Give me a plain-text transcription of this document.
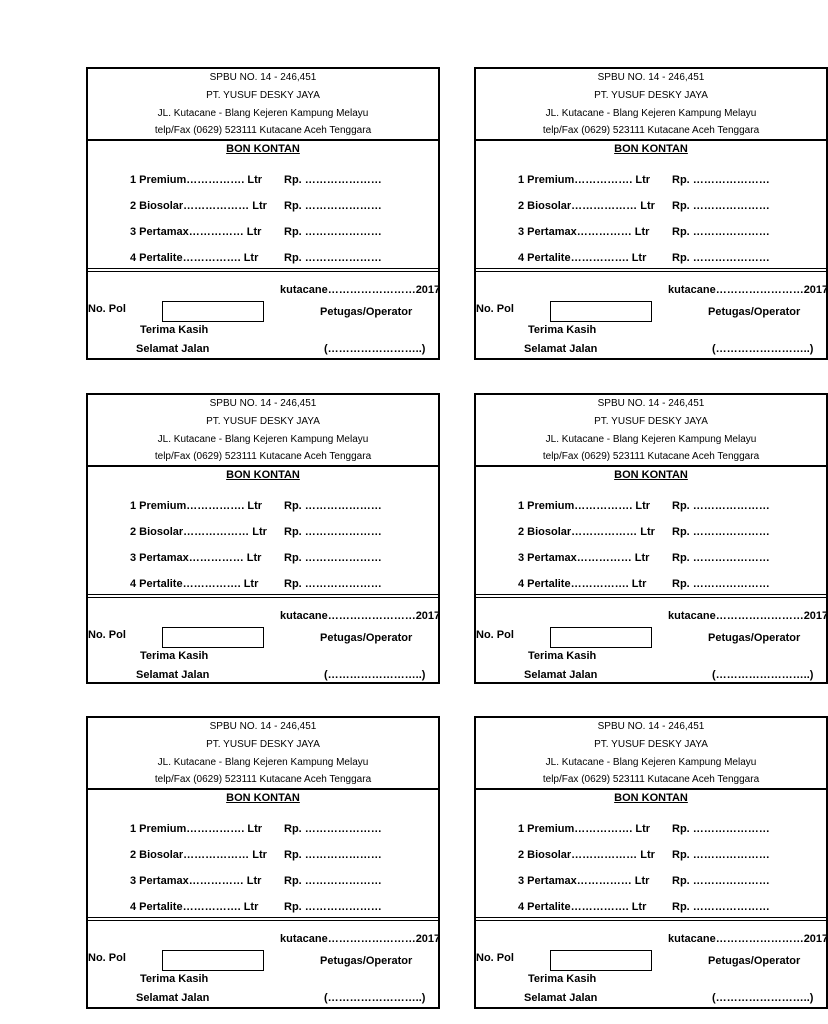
SPBU NO. 14 - 246,451
PT. YUSUF DESKY JAYA
JL. Kutacane - Blang Kejeren Kampung Melayu
telp/Fax (0629) 523111 Kutacane Aceh Tenggara
BON KONTAN
1 Premium……………. Ltr Rp. …………………
2 Biosolar……………… Ltr Rp. …………………
3 Pertamax…………… Ltr Rp. …………………
4 Pertalite……………. Ltr Rp. …………………
kutacane……………………2017
No. Pol	Petugas/Operator
Terima Kasih
Selamat Jalan	(……………………..)
SPBU NO. 14 - 246,451
PT. YUSUF DESKY JAYA
JL. Kutacane - Blang Kejeren Kampung Melayu
telp/Fax (0629) 523111 Kutacane Aceh Tenggara
BON KONTAN
1 Premium……………. Ltr Rp. …………………
2 Biosolar……………… Ltr Rp. …………………
3 Pertamax…………… Ltr Rp. …………………
4 Pertalite……………. Ltr Rp. …………………
kutacane……………………2017
No. Pol	Petugas/Operator
Terima Kasih
Selamat Jalan	(……………………..)
SPBU NO. 14 - 246,451
PT. YUSUF DESKY JAYA
JL. Kutacane - Blang Kejeren Kampung Melayu
telp/Fax (0629) 523111 Kutacane Aceh Tenggara
BON KONTAN
1 Premium……………. Ltr Rp. …………………
2 Biosolar……………… Ltr Rp. …………………
3 Pertamax…………… Ltr Rp. …………………
4 Pertalite……………. Ltr Rp. …………………
kutacane……………………2017
No. Pol	Petugas/Operator
Terima Kasih
Selamat Jalan	(……………………..)
SPBU NO. 14 - 246,451
PT. YUSUF DESKY JAYA
JL. Kutacane - Blang Kejeren Kampung Melayu
telp/Fax (0629) 523111 Kutacane Aceh Tenggara
BON KONTAN
1 Premium……………. Ltr Rp. …………………
2 Biosolar……………… Ltr Rp. …………………
3 Pertamax…………… Ltr Rp. …………………
4 Pertalite……………. Ltr Rp. …………………
kutacane……………………2017
No. Pol	Petugas/Operator
Terima Kasih
Selamat Jalan	(……………………..)
SPBU NO. 14 - 246,451
PT. YUSUF DESKY JAYA
JL. Kutacane - Blang Kejeren Kampung Melayu
telp/Fax (0629) 523111 Kutacane Aceh Tenggara
BON KONTAN
1 Premium……………. Ltr Rp. …………………
2 Biosolar……………… Ltr Rp. …………………
3 Pertamax…………… Ltr Rp. …………………
4 Pertalite……………. Ltr Rp. …………………
kutacane……………………2017
No. Pol	Petugas/Operator
Terima Kasih
Selamat Jalan	(……………………..)
SPBU NO. 14 - 246,451
PT. YUSUF DESKY JAYA
JL. Kutacane - Blang Kejeren Kampung Melayu
telp/Fax (0629) 523111 Kutacane Aceh Tenggara
BON KONTAN
1 Premium……………. Ltr Rp. …………………
2 Biosolar……………… Ltr Rp. …………………
3 Pertamax…………… Ltr Rp. …………………
4 Pertalite……………. Ltr Rp. …………………
kutacane……………………2017
No. Pol	Petugas/Operator
Terima Kasih
Selamat Jalan	(……………………..)
